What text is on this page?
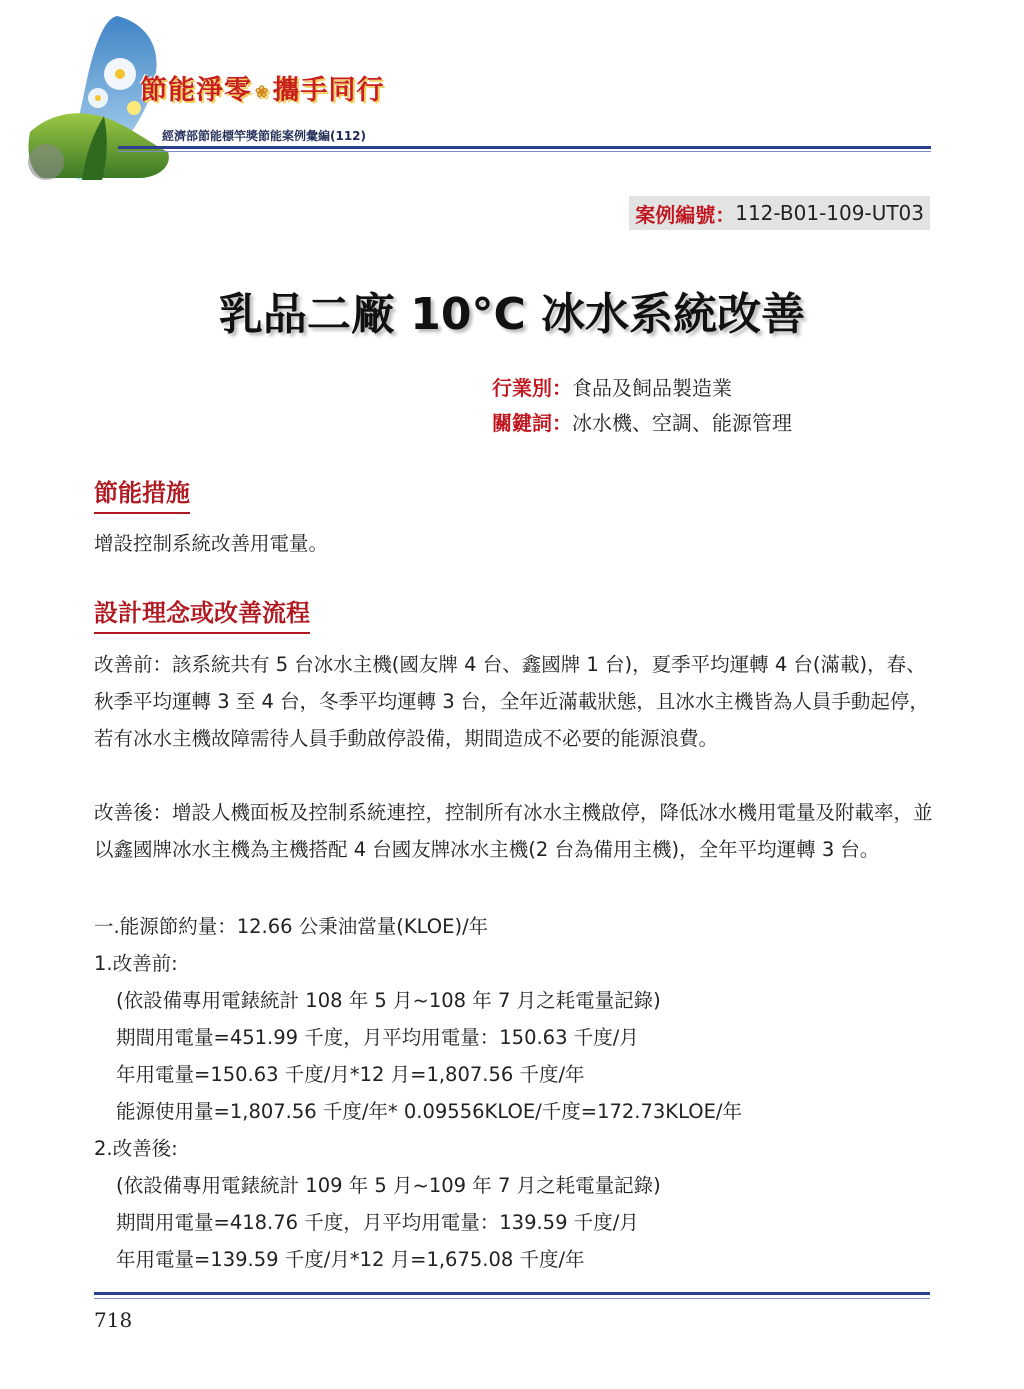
節能淨零 ❀ 攜手同行
經濟部節能標竿獎節能案例彙編(112)
案例編號： 112-B01-109-UT03
乳品二廠 10°C 冰水系統改善
行業別：食品及飼品製造業
關鍵詞：冰水機、空調、能源管理
節能措施
增設控制系統改善用電量。
設計理念或改善流程
改善前：該系統共有 5 台冰水主機(國友牌 4 台、鑫國牌 1 台)，夏季平均運轉 4 台(滿載)，春、秋季平均運轉 3 至 4 台，冬季平均運轉 3 台，全年近滿載狀態，且冰水主機皆為人員手動起停，若有冰水主機故障需待人員手動啟停設備，期間造成不必要的能源浪費。
改善後：增設人機面板及控制系統連控，控制所有冰水主機啟停，降低冰水機用電量及附載率，並以鑫國牌冰水主機為主機搭配 4 台國友牌冰水主機(2 台為備用主機)，全年平均運轉 3 台。
一.能源節約量：12.66 公秉油當量(KLOE)/年
1.改善前:
(依設備專用電錶統計 108 年 5 月~108 年 7 月之耗電量記錄)
期間用電量=451.99 千度，月平均用電量：150.63 千度/月
年用電量=150.63 千度/月*12 月=1,807.56 千度/年
能源使用量=1,807.56 千度/年* 0.09556KLOE/千度=172.73KLOE/年
2.改善後:
(依設備專用電錶統計 109 年 5 月~109 年 7 月之耗電量記錄)
期間用電量=418.76 千度，月平均用電量：139.59 千度/月
年用電量=139.59 千度/月*12 月=1,675.08 千度/年
718
